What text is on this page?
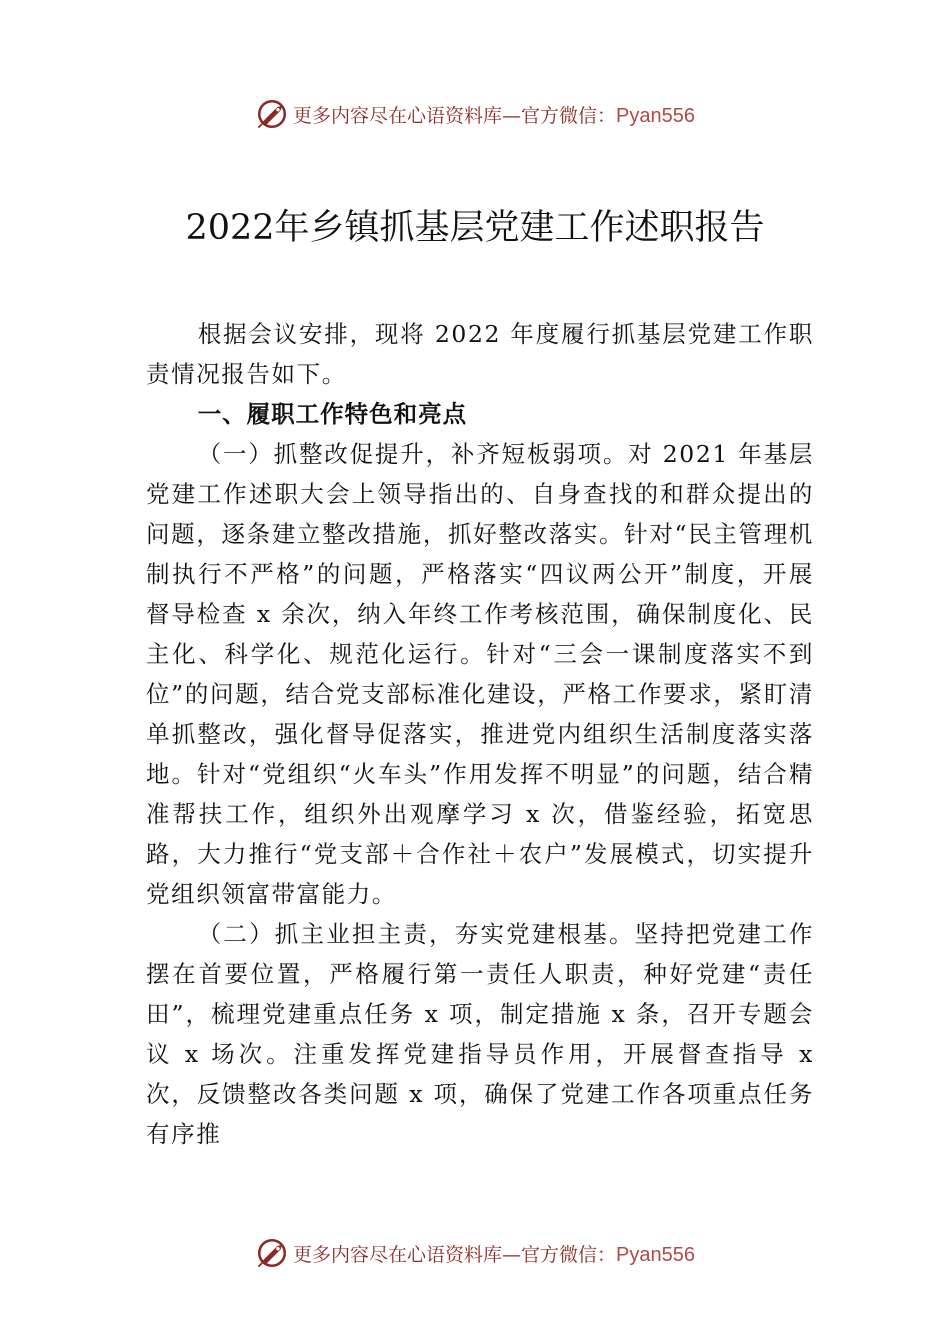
更多内容尽在心语资料库—官方微信：Pyan556
2022年乡镇抓基层党建工作述职报告

根据会议安排，现将 2022 年度履行抓基层党建工作职责情况报告如下。

一、履职工作特色和亮点

（一）抓整改促提升，补齐短板弱项。对 2021 年基层党建工作述职大会上领导指出的、自身查找的和群众提出的问题，逐条建立整改措施，抓好整改落实。针对“民主管理机制执行不严格”的问题，严格落实“四议两公开”制度，开展督导检查 x 余次，纳入年终工作考核范围，确保制度化、民主化、科学化、规范化运行。针对“三会一课制度落实不到位”的问题，结合党支部标准化建设，严格工作要求，紧盯清单抓整改，强化督导促落实，推进党内组织生活制度落实落地。针对“党组织“火车头”作用发挥不明显”的问题，结合精准帮扶工作，组织外出观摩学习 x 次，借鉴经验，拓宽思路，大力推行“党支部＋合作社＋农户”发展模式，切实提升党组织领富带富能力。

（二）抓主业担主责，夯实党建根基。坚持把党建工作摆在首要位置，严格履行第一责任人职责，种好党建“责任田”，梳理党建重点任务 x 项，制定措施 x 条，召开专题会议 x 场次。注重发挥党建指导员作用，开展督查指导 x 次，反馈整改各类问题 x 项，确保了党建工作各项重点任务有序推

更多内容尽在心语资料库—官方微信：Pyan556
